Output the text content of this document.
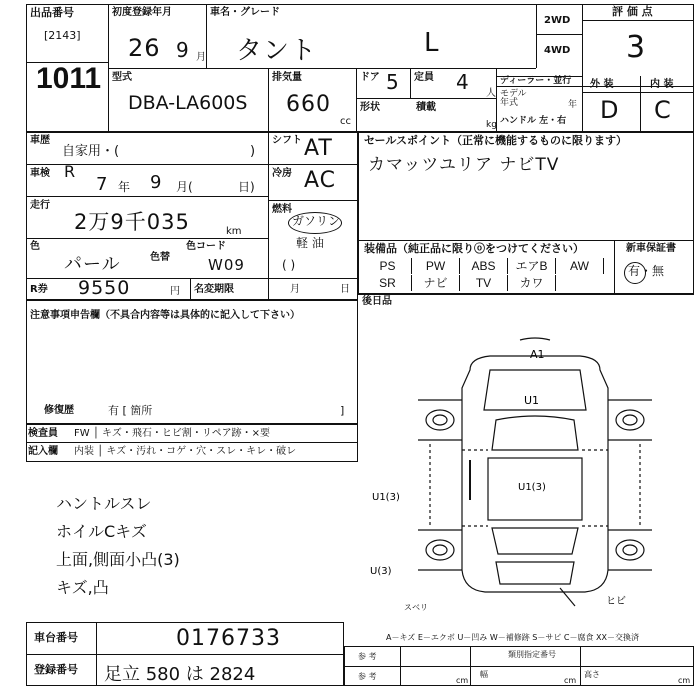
出品番号
[2143]
1011
初度登録年月
26 9 月
車名・グレード
タント	L
2WD
4WD
評 価 点
3
型式
DBA-LA600S
排気量
660
cc
ドア 5 定員 4 人
形状	積載
kg
ディーラー・並行
モデル 年式	年
ハンドル 左・右
外 装	内 装
D C
車歴
自家用・(	)
車検 R
7 年 9 月(	日)
走行
2万9千035	km
色
パール	色替
色コード
W09
R券 9550	円 名変期限	月	日
シフト AT
冷房 AC
燃料
ガソリン
軽 油
( )
セールスポイント（正常に機能するものに限ります）
カマッツユリア ナビTV
装備品（純正品に限りⓞをつけてください）
PS	PW	ABS	エアB	AW
SR	ナビ	TV	カワ
新車保証書
有・無
後日品
注意事項申告欄（不具合内容等は具体的に記入して下さい）
修復歴	有 [ 箇所	]
検査員
記入欄
FW │ キズ・飛石・ヒビ割・リペア跡・×要
内装 │ キズ・汚れ・コゲ・穴・スレ・キレ・破レ
ハントルスレ
ホイルCキズ
上面,側面小凸(3)
キズ,凸
A1
U1
U1(3)
U1(3)
U(3)
スベリ
ヒビ
車台番号	0176733
登録番号 足立 580 は 2824
A－キズ E－エクボ U－凹み W－補修跡 S－サビ C－腐食 XX－交換済
参 考	類別指定番号
参 考	cm
幅
cm
高さ
cm
